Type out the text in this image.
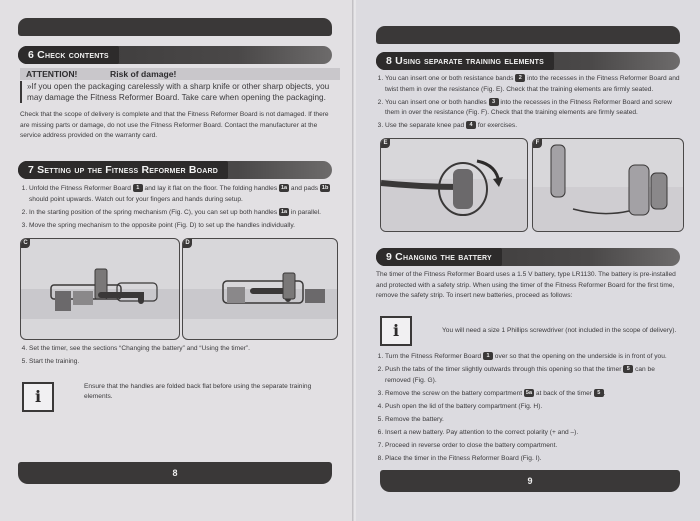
6 Check contents
ATTENTION!	Risk of damage!
»If you open the packaging carelessly with a sharp knife or other sharp objects, you may damage the Fitness Reformer Board. Take care when opening the packaging.

Check that the scope of delivery is complete and that the Fitness Reformer Board is not damaged. If there are missing parts or damage, do not use the Fitness Reformer Board. Contact the manufacturer at the service address provided on the warranty card.

7 Setting up the Fitness Reformer Board
1. Unfold the Fitness Reformer Board 1 and lay it flat on the floor. The folding handles 1a and pads 1b should point upwards. Watch out for your fingers and hands during setup.
2. In the starting position of the spring mechanism (Fig. C), you can set up both handles 1a in parallel.
3. Move the spring mechanism to the opposite point (Fig. D) to set up the handles individually.
C	D
4. Set the timer, see the sections “Changing the battery” and “Using the timer”.
5. Start the training.
i
Ensure that the handles are folded back flat before using the separate training elements.
8
8 Using separate training elements
1. You can insert one or both resistance bands 2 into the recesses in the Fitness Reformer Board and twist them in over the resistance (Fig. E). Check that the training elements are firmly seated.
2. You can insert one or both handles 3 into the recesses in the Fitness Reformer Board and screw them in over the resistance (Fig. F). Check that the training elements are firmly seated.
3. Use the separate knee pad 4 for exercises.
E	F
9 Changing the battery

The timer of the Fitness Reformer Board uses a 1.5 V battery, type LR1130. The battery is pre-installed and protected with a safety strip. When using the timer of the Fitness Reformer Board for the first time, remove the safety strip. To insert new batteries, proceed as follows:

i	You will need a size 1 Phillips screwdriver (not included in the scope of delivery).
1. Turn the Fitness Reformer Board 1 over so that the opening on the underside is in front of you.
2. Push the tabs of the timer slightly outwards through this opening so that the timer 5 can be removed (Fig. G).
3. Remove the screw on the battery compartment 5a at back of the timer 5 .
4. Push open the lid of the battery compartment (Fig. H).
5. Remove the battery.
6. Insert a new battery. Pay attention to the correct polarity (+ and –).
7. Proceed in reverse order to close the battery compartment.
8. Place the timer in the Fitness Reformer Board (Fig. I).
9
